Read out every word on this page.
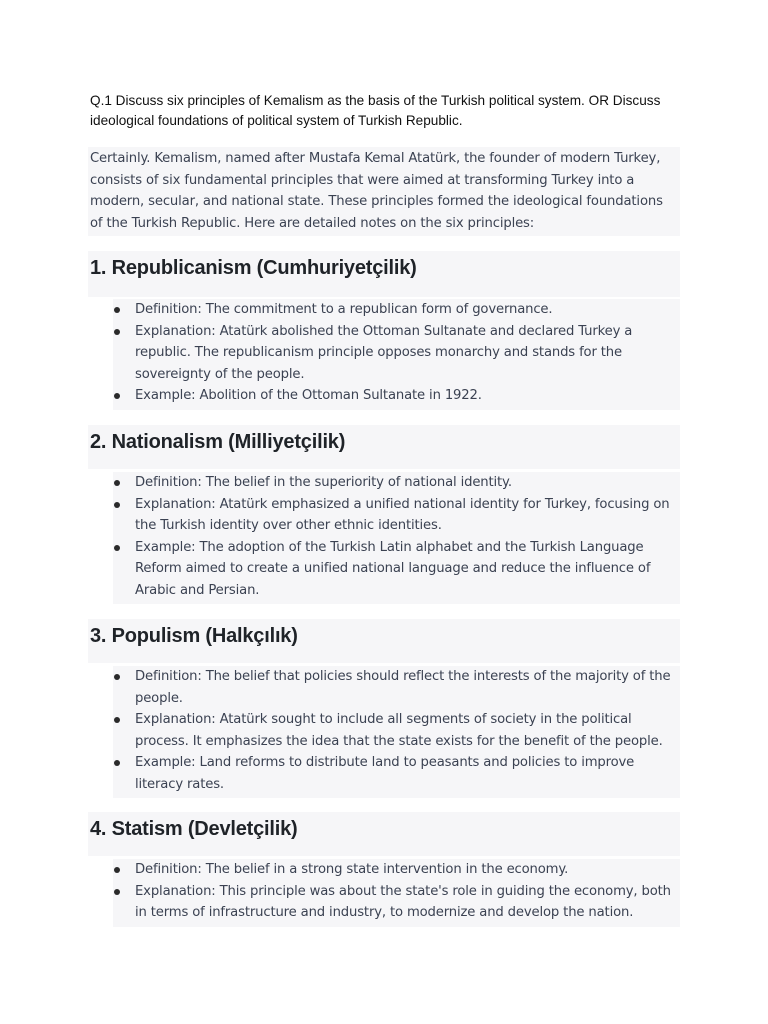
Q.1 Discuss six principles of Kemalism as the basis of the Turkish political system. OR Discuss ideological foundations of political system of Turkish Republic.

Certainly. Kemalism, named after Mustafa Kemal Atatürk, the founder of modern Turkey, consists of six fundamental principles that were aimed at transforming Turkey into a modern, secular, and national state. These principles formed the ideological foundations of the Turkish Republic. Here are detailed notes on the six principles:

1. Republicanism (Cumhuriyetçilik)
Definition: The commitment to a republican form of governance.
Explanation: Atatürk abolished the Ottoman Sultanate and declared Turkey a republic. The republicanism principle opposes monarchy and stands for the sovereignty of the people.
Example: Abolition of the Ottoman Sultanate in 1922.
2. Nationalism (Milliyetçilik)
Definition: The belief in the superiority of national identity.
Explanation: Atatürk emphasized a unified national identity for Turkey, focusing on the Turkish identity over other ethnic identities.
Example: The adoption of the Turkish Latin alphabet and the Turkish Language Reform aimed to create a unified national language and reduce the influence of Arabic and Persian.
3. Populism (Halkçılık)
Definition: The belief that policies should reflect the interests of the majority of the people.
Explanation: Atatürk sought to include all segments of society in the political process. It emphasizes the idea that the state exists for the benefit of the people.
Example: Land reforms to distribute land to peasants and policies to improve literacy rates.
4. Statism (Devletçilik)
Definition: The belief in a strong state intervention in the economy.
Explanation: This principle was about the state's role in guiding the economy, both in terms of infrastructure and industry, to modernize and develop the nation.
